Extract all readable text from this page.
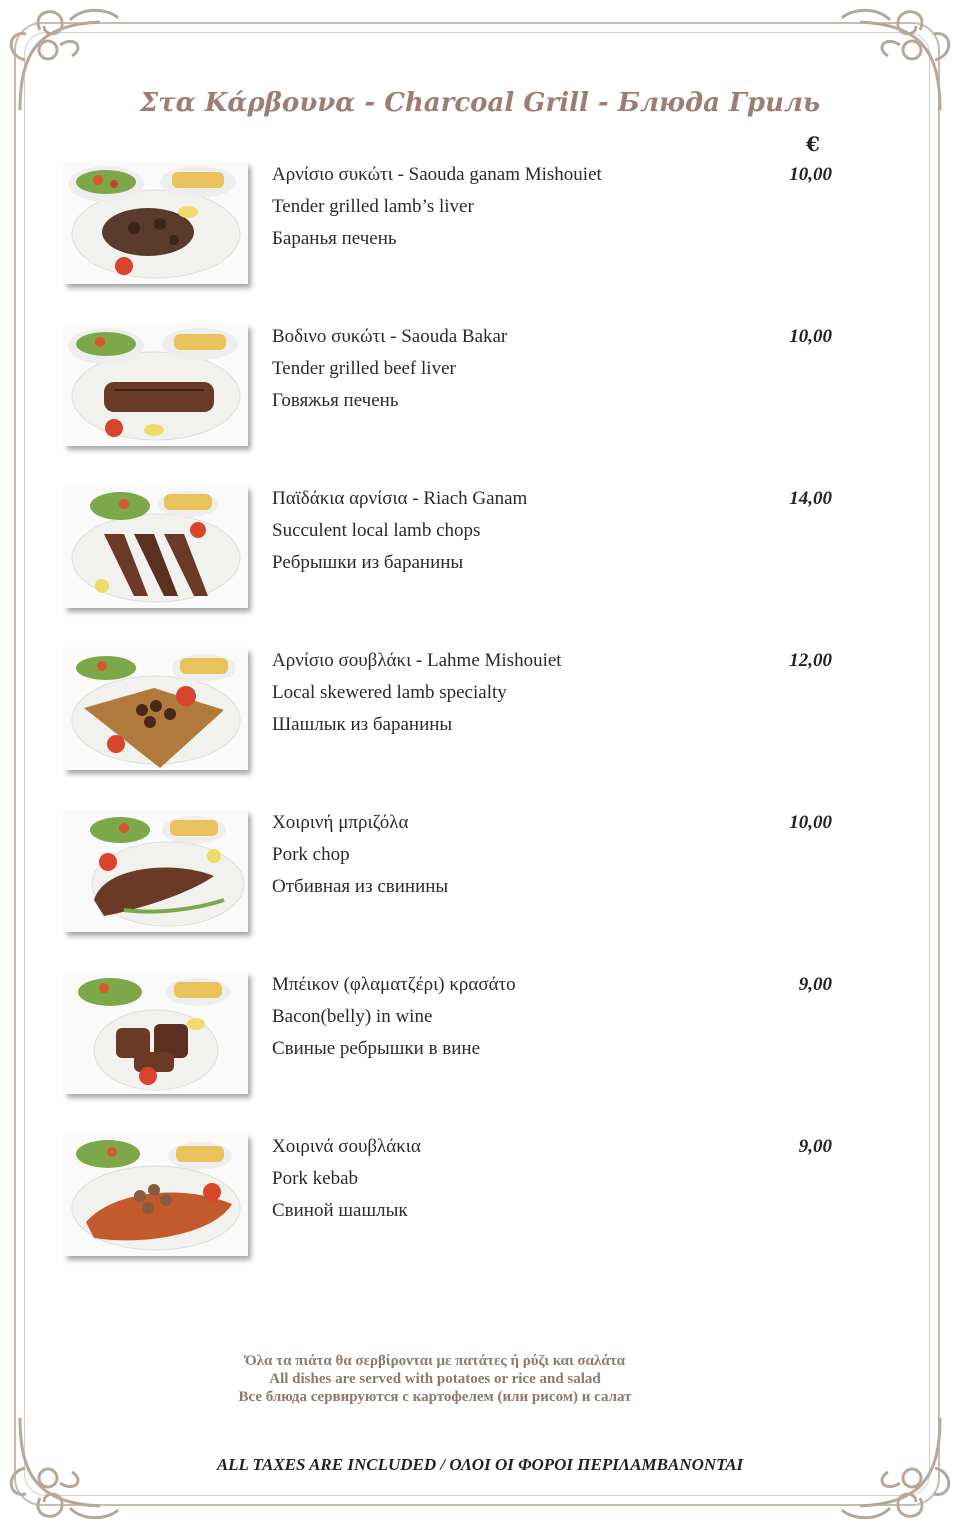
Στα Κάρβουνα - Charcoal Grill - Блюда Гриль
€
Αρνίσιο συκώτι - Saouda ganam Mishouiet
Tender grilled lamb’s liver
Баранья печень
10,00
Βοδινο συκώτι - Saouda Bakar
Tender grilled beef liver
Говяжья печень
10,00
Παϊδάκια αρνίσια - Riach Ganam
Succulent local lamb chops
Ребрышки из баранины
14,00
Αρνίσιο σουβλάκι - Lahme Mishouiet
Local skewered lamb specialty
Шашлык из баранины
12,00
Χοιρινή μπριζόλα
Pork chop
Отбивная из свинины
10,00
Μπέικον (φλαματζέρι) κρασάτο
Bacon(belly) in wine
Свиные ребрышки в вине
9,00
Χοιρινά σουβλάκια
Pork kebab
Свиной шашлык
9,00
Όλα τα πιάτα θα σερβίρονται με πατάτες ή ρύζι και σαλάτα
All dishes are served with potatoes or rice and salad
Все блюда сервируются с картофелем (или рисом) и салат
ALL TAXES ARE INCLUDED / ΟΛΟΙ ΟΙ ΦΟΡΟΙ ΠΕΡΙΛΑΜΒΑΝΟΝΤΑΙ
